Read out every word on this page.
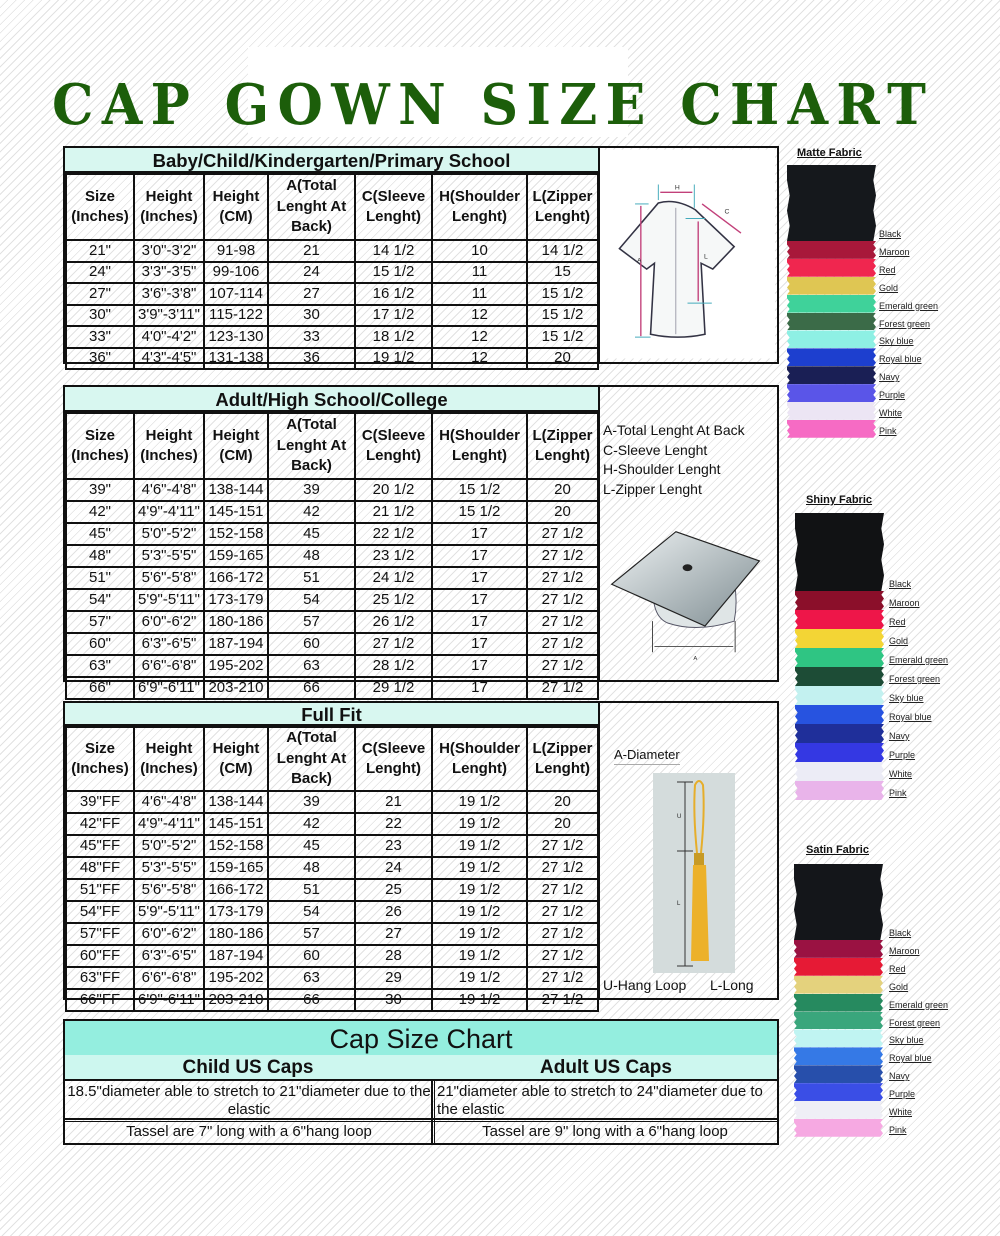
CAP GOWN SIZE CHART
Baby/Child/Kindergarten/Primary School
Size
(Inches)

Height
(Inches)

Height
(CM)

A(Total
Lenght At
Back)

C(Sleeve
Lenght)

H(Shoulder
Lenght)

L(Zipper
Lenght)

21"	3'0"-3'2"	91-98	21	14 1/2	10	14 1/2
24"	3'3"-3'5"	99-106	24	15 1/2	11	15
27"	3'6"-3'8"	107-114	27	16 1/2	11	15 1/2
30"	3'9"-3'11"	115-122	30	17 1/2	12	15 1/2
33"	4'0"-4'2"	123-130	33	18 1/2	12	15 1/2
36"	4'3"-4'5"	131-138	36	19 1/2	12	20
H
C
A
L
Adult/High School/College
Size
(Inches)

Height
(Inches)

Height
(CM)

A(Total
Lenght At
Back)

C(Sleeve
Lenght)

H(Shoulder
Lenght)

L(Zipper
Lenght)

39"	4'6"-4'8"	138-144	39	20 1/2	15 1/2	20
42"	4'9"-4'11"	145-151	42	21 1/2	15 1/2	20
45"	5'0"-5'2"	152-158	45	22 1/2	17	27 1/2
48"	5'3"-5'5"	159-165	48	23 1/2	17	27 1/2
51"	5'6"-5'8"	166-172	51	24 1/2	17	27 1/2
54"	5'9"-5'11"	173-179	54	25 1/2	17	27 1/2
57"	6'0"-6'2"	180-186	57	26 1/2	17	27 1/2
60"	6'3"-6'5"	187-194	60	27 1/2	17	27 1/2
63"	6'6"-6'8"	195-202	63	28 1/2	17	27 1/2
66"	6'9"-6'11"	203-210	66	29 1/2	17	27 1/2
A-Total Lenght At Back
C-Sleeve Lenght
H-Shoulder Lenght
L-Zipper Lenght
A
Full Fit
Size
(Inches)

Height
(Inches)

Height
(CM)

A(Total
Lenght At
Back)

C(Sleeve
Lenght)

H(Shoulder
Lenght)

L(Zipper
Lenght)

39"FF	4'6"-4'8"	138-144	39	21	19 1/2	20
42"FF	4'9"-4'11"	145-151	42	22	19 1/2	20
45"FF	5'0"-5'2"	152-158	45	23	19 1/2	27 1/2
48"FF	5'3"-5'5"	159-165	48	24	19 1/2	27 1/2
51"FF	5'6"-5'8"	166-172	51	25	19 1/2	27 1/2
54"FF	5'9"-5'11"	173-179	54	26	19 1/2	27 1/2
57"FF	6'0"-6'2"	180-186	57	27	19 1/2	27 1/2
60"FF	6'3"-6'5"	187-194	60	28	19 1/2	27 1/2
63"FF	6'6"-6'8"	195-202	63	29	19 1/2	27 1/2
66"FF	6'9"-6'11"	203-210	66	30	19 1/2	27 1/2
A-Diameter
U
L
U-Hang Loop L-Long
Cap Size Chart
Child US Caps	Adult US Caps
18.5"diameter able to stretch to 21"diameter due to the elastic
21"diameter able to stretch to 24"diameter due to the elastic
Tassel are 7" long with a 6"hang loop	Tassel are 9" long with a 6"hang loop
Matte Fabric
Black
Maroon
Red
Gold
Emerald green
Forest green
Sky blue
Royal blue
Navy
Purple
White
Pink
Shiny Fabric
Black
Maroon
Red
Gold
Emerald green
Forest green
Sky blue
Royal blue
Navy
Purple
White
Pink
Satin Fabric
Black
Maroon
Red
Gold
Emerald green
Forest green
Sky blue
Royal blue
Navy
Purple
White
Pink
